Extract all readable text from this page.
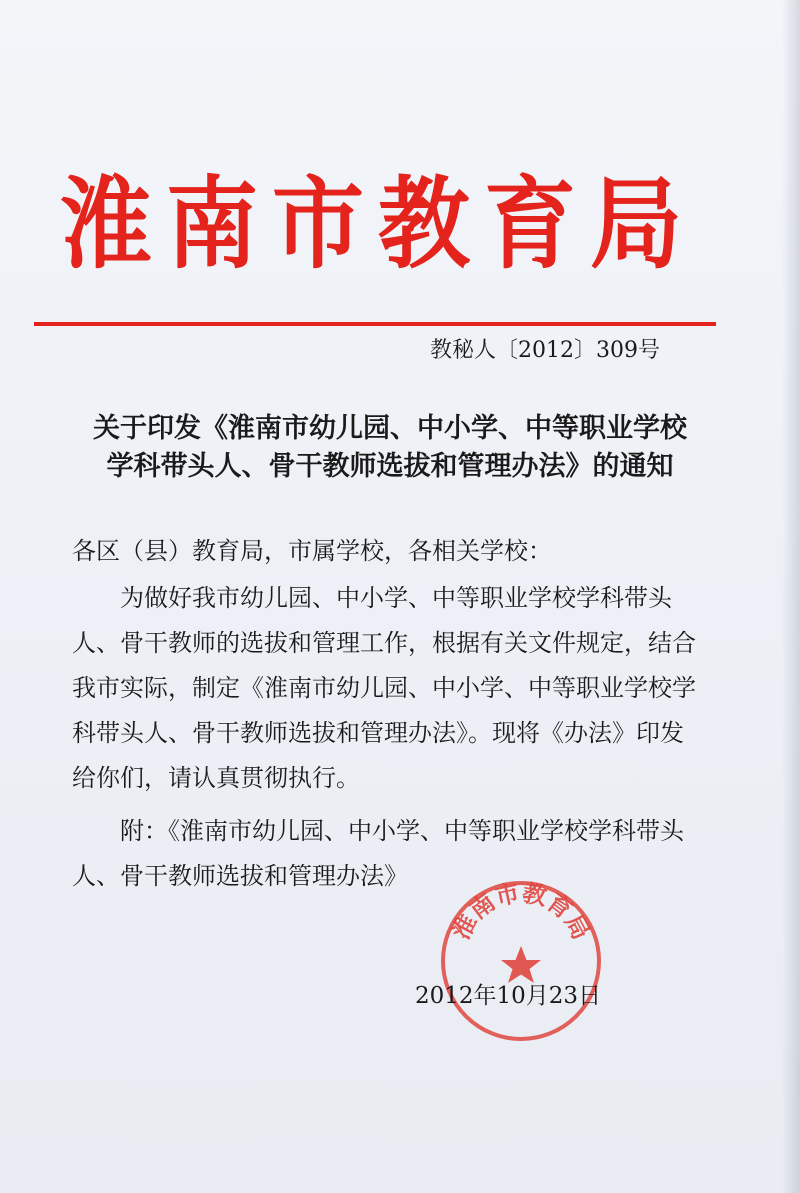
淮南市教育局
教秘人〔2012〕309号
关于印发《淮南市幼儿园、中小学、中等职业学校
学科带头人、骨干教师选拔和管理办法》的通知
各区（县）教育局，市属学校，各相关学校：

为做好我市幼儿园、中小学、中等职业学校学科带头人、骨干教师的选拔和管理工作，根据有关文件规定，结合我市实际，制定《淮南市幼儿园、中小学、中等职业学校学科带头人、骨干教师选拔和管理办法》。现将《办法》印发给你们，请认真贯彻执行。

附：《淮南市幼儿园、中小学、中等职业学校学科带头人、骨干教师选拔和管理办法》

淮南市教育局
2012年10月23日
